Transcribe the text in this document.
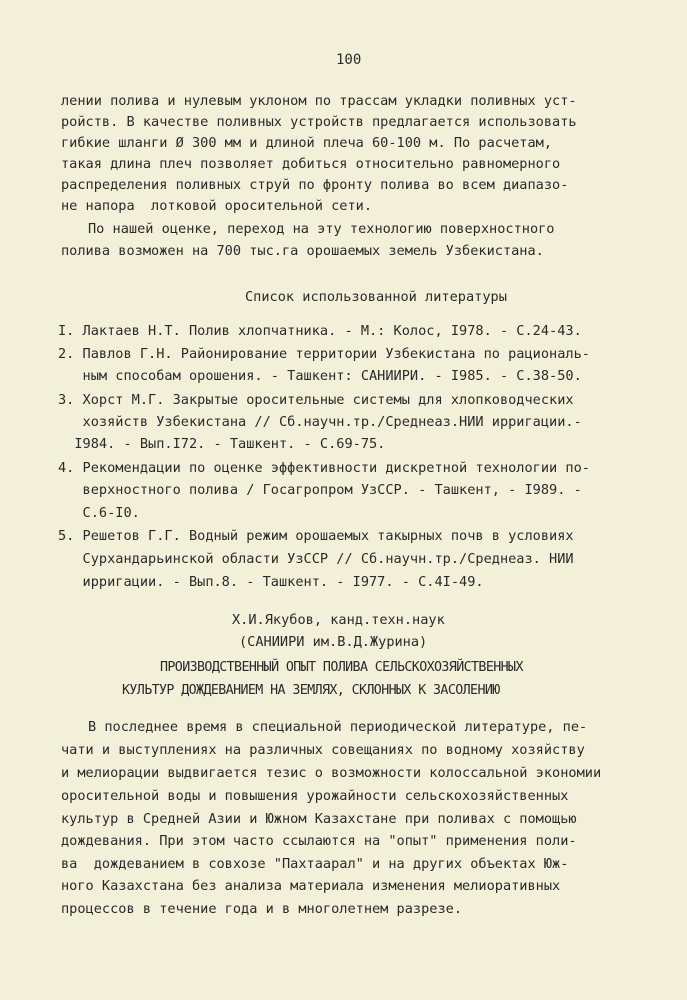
100
лении полива и нулевым уклоном по трассам укладки поливных уст-
ройств. В качестве поливных устройств предлагается использовать
гибкие шланги Ø 300 мм и длиной плеча 60-100 м. По расчетам,
такая длина плеч позволяет добиться относительно равномерного
распределения поливных струй по фронту полива во всем диапазо-
не напора  лотковой оросительной сети.
По нашей оценке, переход на эту технологию поверхностного
полива возможен на 700 тыс.га орошаемых земель Узбекистана.
Список использованной литературы
I. Лактаев Н.Т. Полив хлопчатника. - М.: Колос, I978. - С.24-43.
2. Павлов Г.Н. Районирование территории Узбекистана по рациональ-
ным способам орошения. - Ташкент: САНИИРИ. - I985. - С.38-50.
3. Хорст М.Г. Закрытые оросительные системы для хлопководческих
хозяйств Узбекистана // Сб.научн.тр./Среднеаз.НИИ ирригации.-
I984. - Вып.I72. - Ташкент. - С.69-75.
4. Рекомендации по оценке эффективности дискретной технологии по-
верхностного полива / Госагропром УзССР. - Ташкент, - I989. -
С.6-I0.
5. Решетов Г.Г. Водный режим орошаемых такырных почв в условиях
Сурхандарьинской области УзССР // Сб.научн.тр./Среднеаз. НИИ
ирригации. - Вып.8. - Ташкент. - I977. - С.4I-49.
Х.И.Якубов, канд.техн.наук
(САНИИРИ им.В.Д.Журина)
ПРОИЗВОДСТВЕННЫЙ ОПЫТ ПОЛИВА СЕЛЬСКОХОЗЯЙСТВЕННЫХ
КУЛЬТУР ДОЖДЕВАНИЕМ НА ЗЕМЛЯХ, СКЛОННЫХ К ЗАСОЛЕНИЮ
В последнее время в специальной периодической литературе, пе-
чати и выступлениях на различных совещаниях по водному хозяйству
и мелиорации выдвигается тезис о возможности колоссальной экономии
оросительной воды и повышения урожайности сельскохозяйственных
культур в Средней Азии и Южном Казахстане при поливах с помощью
дождевания. При этом часто ссылаются на "опыт" применения поли-
ва  дождеванием в совхозе "Пахтаарал" и на других объектах Юж-
ного Казахстана без анализа материала изменения мелиоративных
процессов в течение года и в многолетнем разрезе.
